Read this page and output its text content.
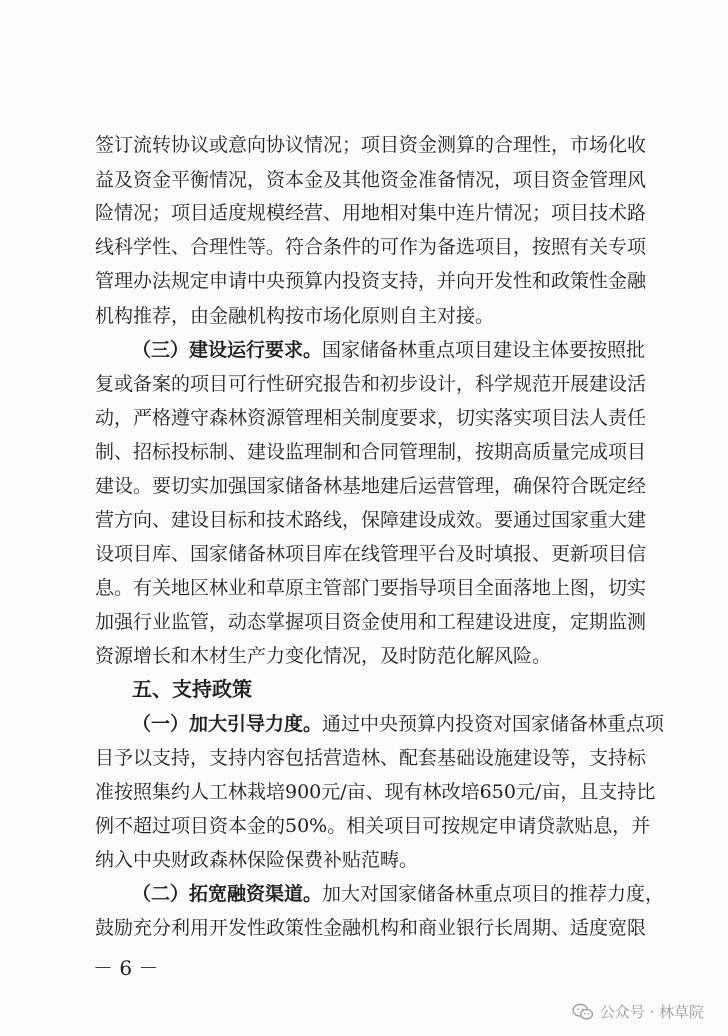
签订流转协议或意向协议情况；项目资金测算的合理性，市场化收
益及资金平衡情况，资本金及其他资金准备情况，项目资金管理风
险情况；项目适度规模经营、用地相对集中连片情况；项目技术路
线科学性、合理性等。符合条件的可作为备选项目，按照有关专项
管理办法规定申请中央预算内投资支持，并向开发性和政策性金融
机构推荐，由金融机构按市场化原则自主对接。
（三）建设运行要求。国家储备林重点项目建设主体要按照批
复或备案的项目可行性研究报告和初步设计，科学规范开展建设活
动，严格遵守森林资源管理相关制度要求，切实落实项目法人责任
制、招标投标制、建设监理制和合同管理制，按期高质量完成项目
建设。要切实加强国家储备林基地建后运营管理，确保符合既定经
营方向、建设目标和技术路线，保障建设成效。要通过国家重大建
设项目库、国家储备林项目库在线管理平台及时填报、更新项目信
息。有关地区林业和草原主管部门要指导项目全面落地上图，切实
加强行业监管，动态掌握项目资金使用和工程建设进度，定期监测
资源增长和木材生产力变化情况，及时防范化解风险。
五、支持政策
（一）加大引导力度。通过中央预算内投资对国家储备林重点项
目予以支持，支持内容包括营造林、配套基础设施建设等，支持标
准按照集约人工林栽培900元/亩、现有林改培650元/亩，且支持比
例不超过项目资本金的50%。相关项目可按规定申请贷款贴息，并
纳入中央财政森林保险保费补贴范畴。
（二）拓宽融资渠道。加大对国家储备林重点项目的推荐力度，
鼓励充分利用开发性政策性金融机构和商业银行长周期、适度宽限
－ 6 －
公众号 · 林草院
